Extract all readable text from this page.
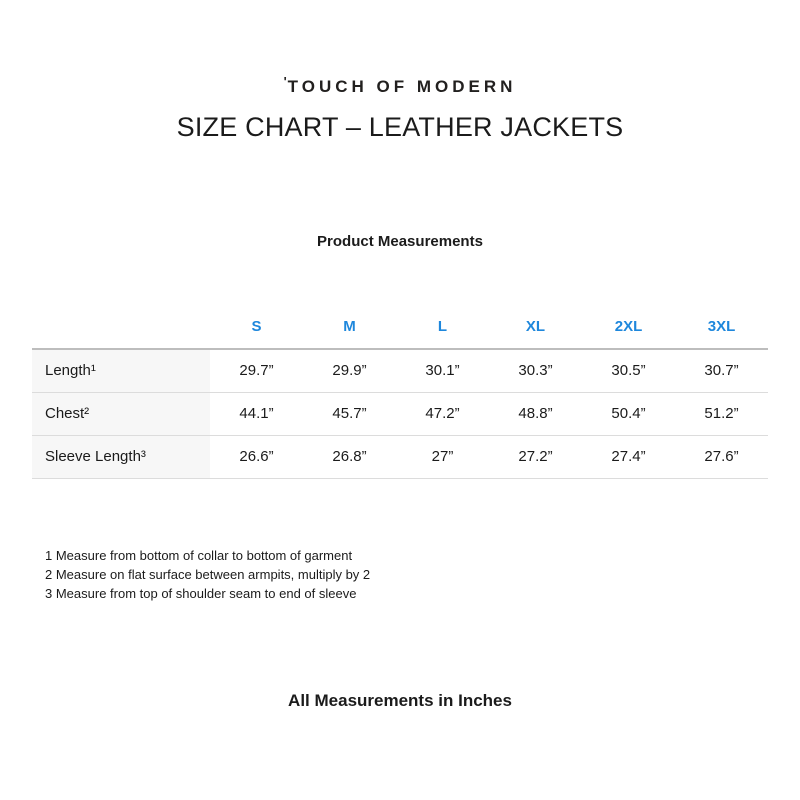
'TOUCH OF MODERN
SIZE CHART – LEATHER JACKETS
Product Measurements
	S	M	L	XL	2XL	3XL
Length¹	29.7”	29.9”	30.1”	30.3”	30.5”	30.7”
Chest²	44.1”	45.7”	47.2”	48.8”	50.4”	51.2”
Sleeve Length³	26.6”	26.8”	27”	27.2”	27.4”	27.6”
1 Measure from bottom of collar to bottom of garment
2 Measure on flat surface between armpits, multiply by 2
3 Measure from top of shoulder seam to end of sleeve
All Measurements in Inches
